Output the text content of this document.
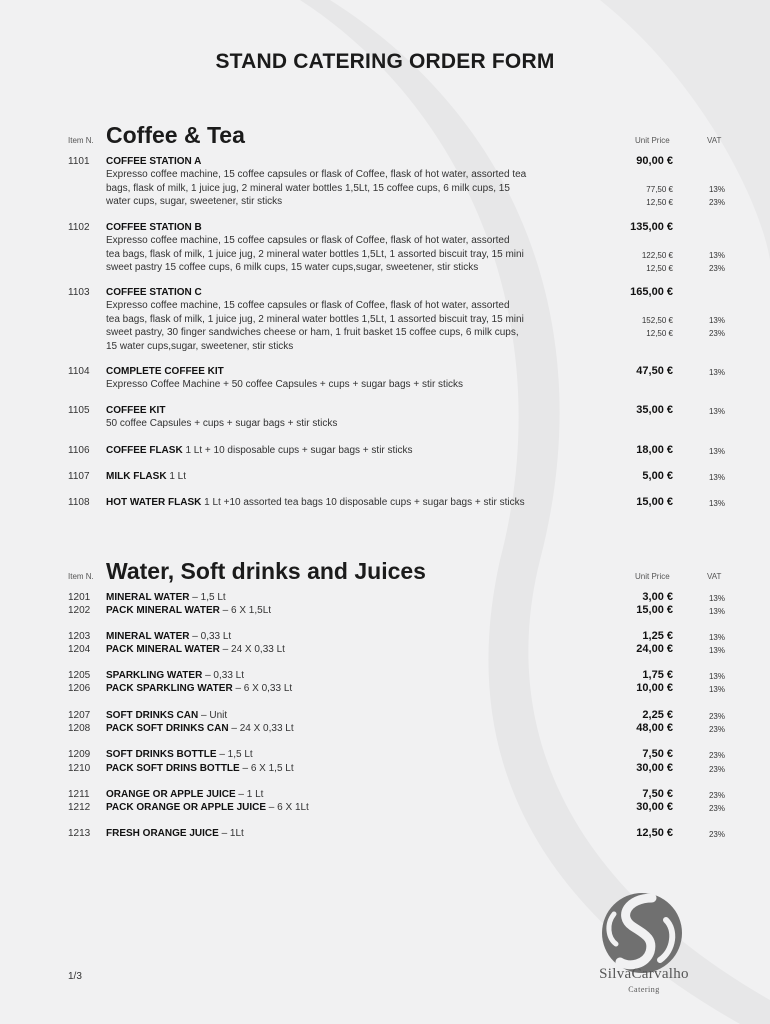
STAND CATERING ORDER FORM
Item N. Coffee & Tea	Unit Price	VAT
1101 COFFEE STATION A
Expresso coffee machine, 15 coffee capsules or flask of Coffee, flask of hot water, assorted tea
bags, flask of milk, 1 juice jug, 2 mineral water bottles 1,5Lt, 15 coffee cups, 6 milk cups, 15
water cups, sugar, sweetener, stir sticks
90,00 €
77,50 €	13%
12,50 €	23%
1102 COFFEE STATION B
Expresso coffee machine, 15 coffee capsules or flask of Coffee, flask of hot water, assorted
tea bags, flask of milk, 1 juice jug, 2 mineral water bottles 1,5Lt, 1 assorted biscuit tray, 15 mini
sweet pastry 15 coffee cups, 6 milk cups, 15 water cups,sugar, sweetener, stir sticks
135,00 €
122,50 €	13%
12,50 €	23%
1103 COFFEE STATION C
Expresso coffee machine, 15 coffee capsules or flask of Coffee, flask of hot water, assorted
tea bags, flask of milk, 1 juice jug, 2 mineral water bottles 1,5Lt, 1 assorted biscuit tray, 15 mini
sweet pastry, 30 finger sandwiches cheese or ham, 1 fruit basket 15 coffee cups, 6 milk cups,
15 water cups,sugar, sweetener, stir sticks
165,00 €
152,50 €	13%
12,50 €	23%
1104 COMPLETE COFFEE KIT
Expresso Coffee Machine + 50 coffee Capsules + cups + sugar bags + stir sticks
47,50 €	13%
1105 COFFEE KIT
50 coffee Capsules + cups + sugar bags + stir sticks
35,00 €	13%
1106 COFFEE FLASK 1 Lt + 10 disposable cups + sugar bags + stir sticks	18,00 €	13%
1107 MILK FLASK 1 Lt	5,00 €	13%
1108 HOT WATER FLASK 1 Lt +10 assorted tea bags 10 disposable cups + sugar bags + stir sticks	15,00 €	13%
Item N. Water, Soft drinks and Juices	Unit Price	VAT
1201 MINERAL WATER – 1,5 Lt	3,00 €	13%
1202 PACK MINERAL WATER – 6 X 1,5Lt	15,00 €	13%
1203 MINERAL WATER – 0,33 Lt	1,25 €	13%
1204 PACK MINERAL WATER – 24 X 0,33 Lt	24,00 €	13%
1205 SPARKLING WATER – 0,33 Lt	1,75 €	13%
1206 PACK SPARKLING WATER – 6 X 0,33 Lt	10,00 €	13%
1207 SOFT DRINKS CAN – Unit	2,25 €	23%
1208 PACK SOFT DRINKS CAN – 24 X 0,33 Lt	48,00 €	23%
1209 SOFT DRINKS BOTTLE – 1,5 Lt	7,50 €	23%
1210 PACK SOFT DRINS BOTTLE – 6 X 1,5 Lt	30,00 €	23%
1211 ORANGE OR APPLE JUICE – 1 Lt	7,50 €	23%
1212 PACK ORANGE OR APPLE JUICE – 6 X 1Lt	30,00 €	23%
1213 FRESH ORANGE JUICE – 1Lt	12,50 €	23%
SilvaCarvalho
Catering
1/3
